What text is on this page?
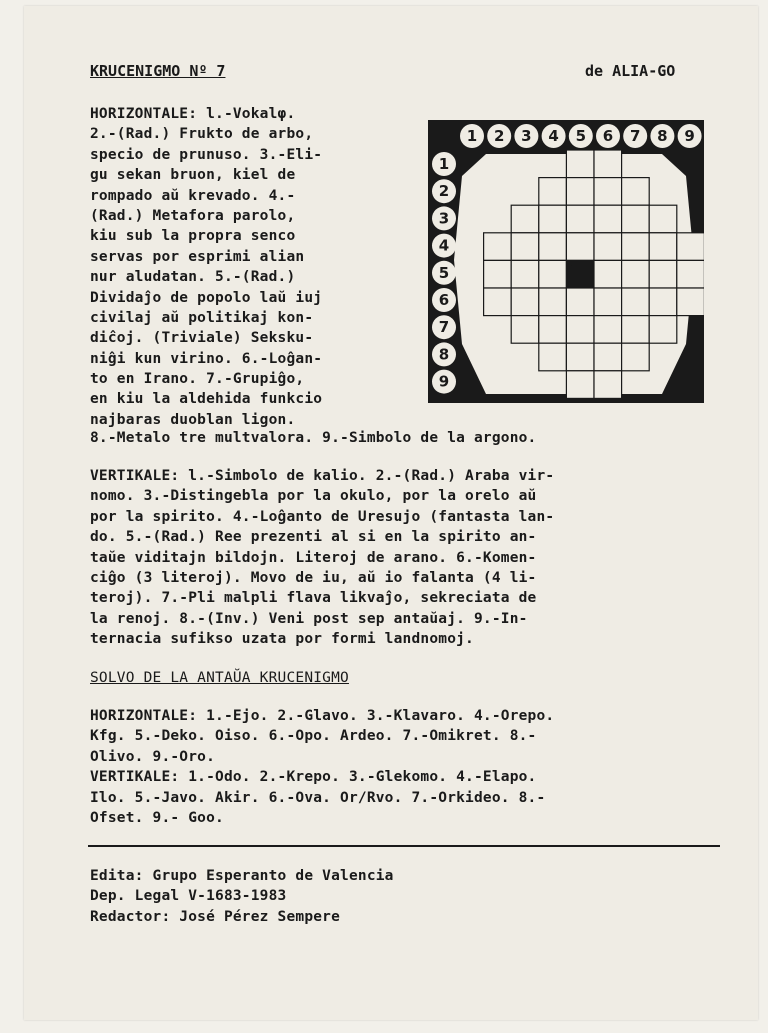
KRUCENIGMO Nº 7	de ALIA-GO
HORIZONTALE: l.-Vokalφ.
2.-(Rad.) Frukto de arbo,
specio de prunuso. 3.-Eli-
gu sekan bruon, kiel de
rompado aŭ krevado. 4.-
(Rad.) Metafora parolo,
kiu sub la propra senco
servas por esprimi alian
nur aludatan. 5.-(Rad.)
Dividaĵo de popolo laŭ iuj
civilaj aŭ politikaj kon-
diĉoj. (Triviale) Seksku-
niĝi kun virino. 6.-Loĝan-
to en Irano. 7.-Grupiĝo,
en kiu la aldehida funkcio
najbaras duoblan ligon.
8.-Metalo tre multvalora. 9.-Simbolo de la argono.
1 2 3 4 5 6 7 8 9
1
2
3
4
5
6
7
8
9
VERTIKALE: l.-Simbolo de kalio. 2.-(Rad.) Araba vir-
nomo. 3.-Distingebla por la okulo, por la orelo aŭ
por la spirito. 4.-Loĝanto de Uresujo (fantasta lan-
do. 5.-(Rad.) Ree prezenti al si en la spirito an-
taŭe viditajn bildojn. Literoj de arano. 6.-Komen-
ciĝo (3 literoj). Movo de iu, aŭ io falanta (4 li-
teroj). 7.-Pli malpli flava likvaĵo, sekreciata de
la renoj. 8.-(Inv.) Veni post sep antaŭaj. 9.-In-
ternacia sufikso uzata por formi landnomoj.
SOLVO DE LA ANTAŬA KRUCENIGMO
HORIZONTALE: 1.-Ejo. 2.-Glavo. 3.-Klavaro. 4.-Orepo.
Kfg. 5.-Deko. Oiso. 6.-Opo. Ardeo. 7.-Omikret. 8.-
Olivo. 9.-Oro.
VERTIKALE: 1.-Odo. 2.-Krepo. 3.-Glekomo. 4.-Elapo.
Ilo. 5.-Javo. Akir. 6.-Ova. Or/Rvo. 7.-Orkideo. 8.-
Ofset. 9.- Goo.
Edita: Grupo Esperanto de Valencia
Dep. Legal V-1683-1983
Redactor: José Pérez Sempere
